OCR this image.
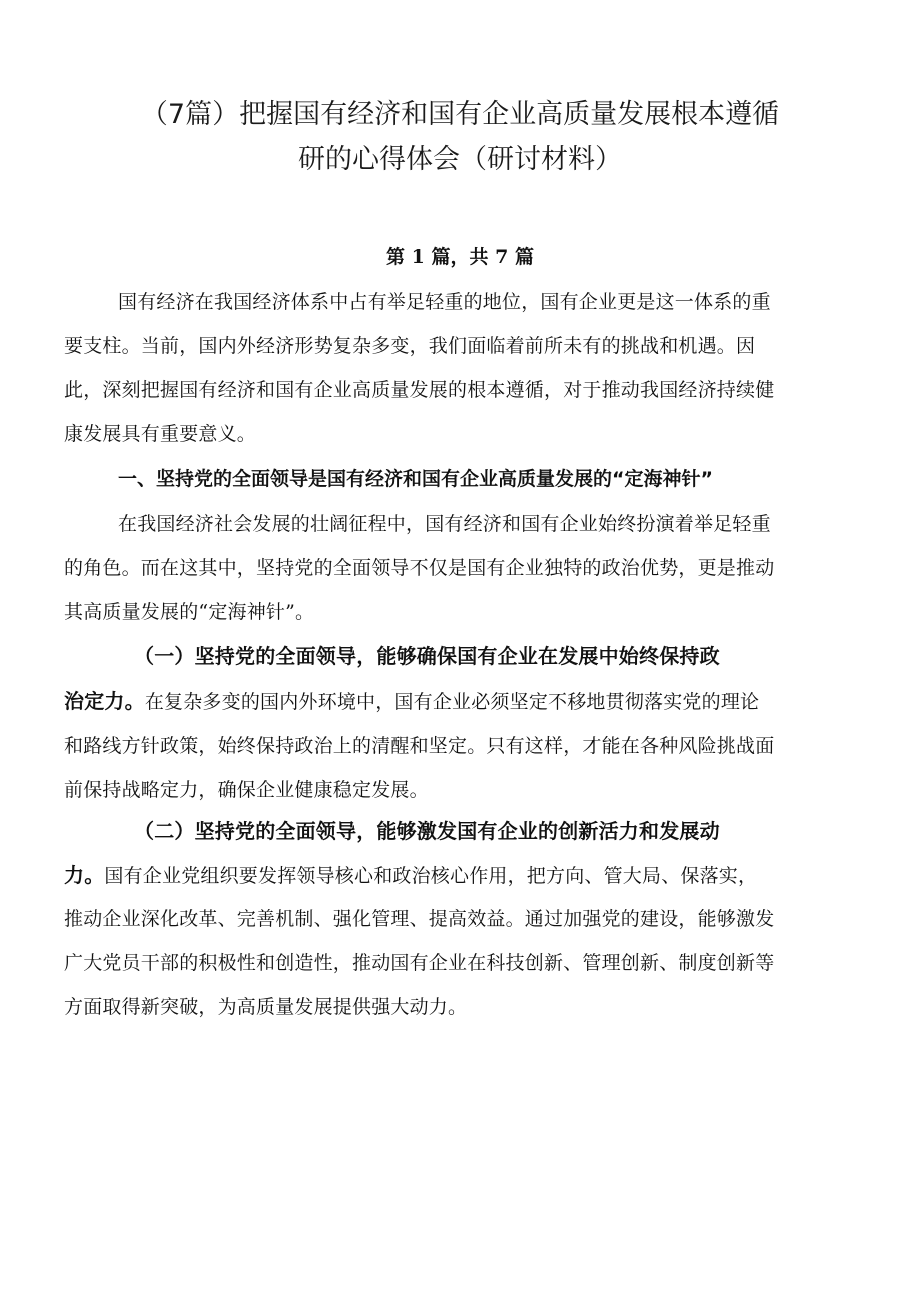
（7篇）把握国有经济和国有企业高质量发展根本遵循
研的心得体会（研讨材料）
第 1 篇，共 7 篇
国有经济在我国经济体系中占有举足轻重的地位，国有企业更是这一体系的重
要支柱。当前，国内外经济形势复杂多变，我们面临着前所未有的挑战和机遇。因
此，深刻把握国有经济和国有企业高质量发展的根本遵循，对于推动我国经济持续健
康发展具有重要意义。
一、坚持党的全面领导是国有经济和国有企业高质量发展的“定海神针”
在我国经济社会发展的壮阔征程中，国有经济和国有企业始终扮演着举足轻重
的角色。而在这其中，坚持党的全面领导不仅是国有企业独特的政治优势，更是推动
其高质量发展的“定海神针”。
（一）坚持党的全面领导，能够确保国有企业在发展中始终保持政
治定力。在复杂多变的国内外环境中，国有企业必须坚定不移地贯彻落实党的理论
和路线方针政策，始终保持政治上的清醒和坚定。只有这样，才能在各种风险挑战面
前保持战略定力，确保企业健康稳定发展。
（二）坚持党的全面领导，能够激发国有企业的创新活力和发展动
力。国有企业党组织要发挥领导核心和政治核心作用，把方向、管大局、保落实，
推动企业深化改革、完善机制、强化管理、提高效益。通过加强党的建设，能够激发
广大党员干部的积极性和创造性，推动国有企业在科技创新、管理创新、制度创新等
方面取得新突破，为高质量发展提供强大动力。
